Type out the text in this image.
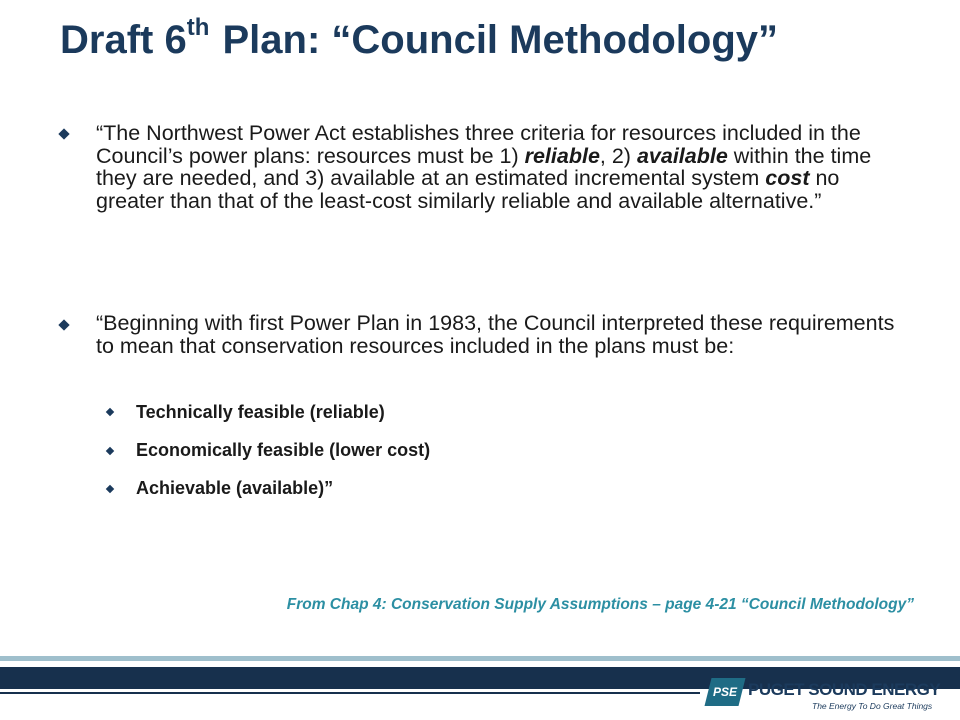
Draft 6th Plan: “Council Methodology”
“The Northwest Power Act establishes three criteria for resources included in the Council’s power plans: resources must be 1) reliable, 2) available within the time they are needed, and 3) available at an estimated incremental system cost no greater than that of the least-cost similarly reliable and available alternative.”
“Beginning with first Power Plan in 1983, the Council interpreted these requirements to mean that conservation resources included in the plans must be:
Technically feasible (reliable)
Economically feasible (lower cost)
Achievable (available)”
From Chap 4: Conservation Supply Assumptions – page 4-21 “Council Methodology”
PSE PUGET SOUND ENERGY
The Energy To Do Great Things
